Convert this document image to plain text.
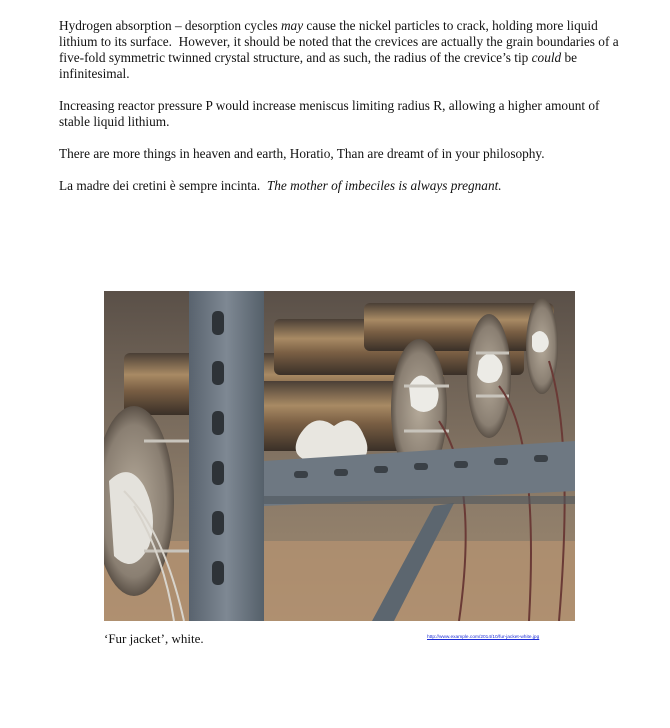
Hydrogen absorption – desorption cycles may cause the nickel particles to crack, holding more liquid lithium to its surface.  However, it should be noted that the crevices are actually the grain boundaries of a five-fold symmetric twinned crystal structure, and as such, the radius of the crevice’s tip could be infinitesimal.

Increasing reactor pressure P would increase meniscus limiting radius R, allowing a higher amount of stable liquid lithium.

There are more things in heaven and earth, Horatio, Than are dreamt of in your philosophy.

La madre dei cretini è sempre incinta.  The mother of imbeciles is always pregnant.

‘Fur jacket’, white.	http://www.example.com/2014/10/fur-jacket-white.jpg
